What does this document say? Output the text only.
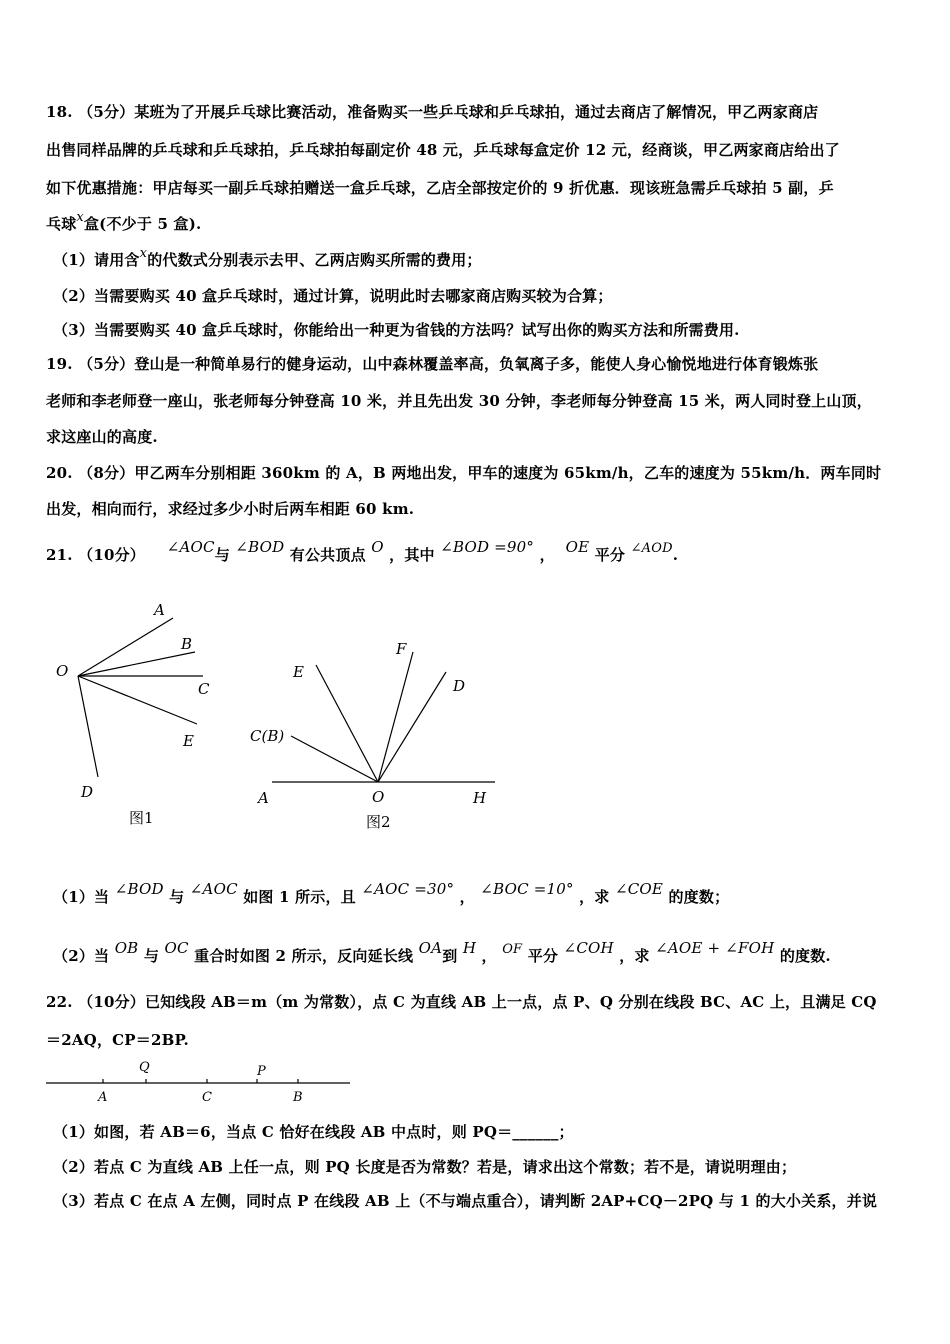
18. （5分）某班为了开展乒乓球比赛活动，准备购买一些乒乓球和乒乓球拍，通过去商店了解情况，甲乙两家商店
出售同样品牌的乒乓球和乒乓球拍，乒乓球拍每副定价 48 元，乒乓球每盒定价 12 元，经商谈，甲乙两家商店给出了
如下优惠措施：甲店每买一副乒乓球拍赠送一盒乒乓球，乙店全部按定价的 9 折优惠．现该班急需乒乓球拍 5 副，乒
乓球x盒(不少于 5 盒).
（1）请用含x的代数式分别表示去甲、乙两店购买所需的费用；
（2）当需要购买 40 盒乒乓球时，通过计算，说明此时去哪家商店购买较为合算；
（3）当需要购买 40 盒乒乓球时，你能给出一种更为省钱的方法吗？试写出你的购买方法和所需费用.
19. （5分）登山是一种简单易行的健身运动，山中森林覆盖率高，负氧离子多，能使人身心愉悦地进行体育锻炼张
老师和李老师登一座山，张老师每分钟登高 10 米，并且先出发 30 分钟，李老师每分钟登高 15 米，两人同时登上山顶，
求这座山的高度.
20. （8分）甲乙两车分别相距 360km 的 A，B 两地出发，甲车的速度为 65km/h，乙车的速度为 55km/h．两车同时
出发，相向而行，求经过多少小时后两车相距 60 km.
21. （10分） ∠AOC与 ∠BOD 有公共顶点 O ，其中 ∠BOD =90° ， OE 平分 ∠AOD.
A
B
O
C
E
D
图1
F
E
D
C(B)
A	O	H
图2
（1）当 ∠BOD 与 ∠AOC 如图 1 所示，且 ∠AOC =30° ， ∠BOC =10° ，求 ∠COE 的度数；
（2）当 OB 与 OC 重合时如图 2 所示，反向延长线 OA到 H ， OF 平分 ∠COH ，求 ∠AOE + ∠FOH 的度数.
22. （10分）已知线段 AB＝m（m 为常数），点 C 为直线 AB 上一点，点 P、Q 分别在线段 BC、AC 上，且满足 CQ
＝2AQ，CP＝2BP.
Q	P
A	C	B
（1）如图，若 AB＝6，当点 C 恰好在线段 AB 中点时，则 PQ＝______；
（2）若点 C 为直线 AB 上任一点，则 PQ 长度是否为常数？若是，请求出这个常数；若不是，请说明理由；
（3）若点 C 在点 A 左侧，同时点 P 在线段 AB 上（不与端点重合），请判断 2AP+CQ－2PQ 与 1 的大小关系，并说
